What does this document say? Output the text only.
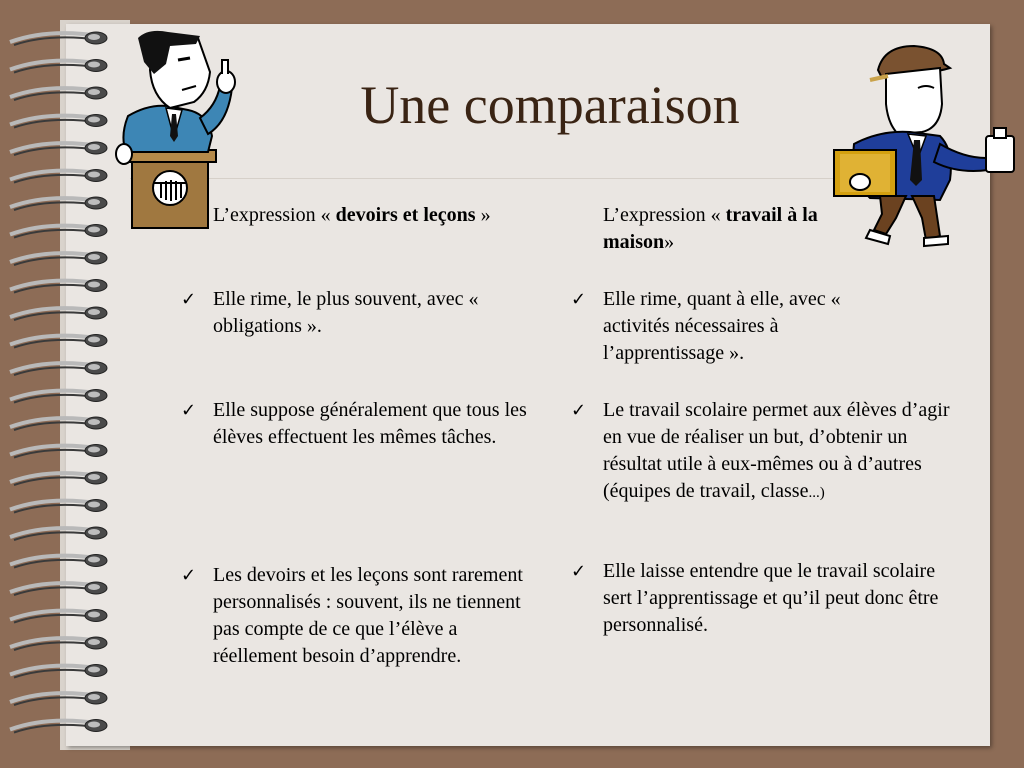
Une comparaison

L’expression « devoirs et leçons »

✓ Elle rime, le plus souvent, avec « obligations ».

✓ Elle suppose généralement que tous les élèves effectuent les mêmes tâches.

✓ Les devoirs et les leçons sont rarement personnalisés : souvent, ils ne tiennent pas compte de ce que l’élève a réellement besoin d’apprendre.

L’expression « travail à la maison»

✓ Elle rime, quant à elle, avec « activités nécessaires à l’apprentissage ».

✓ Le travail scolaire permet aux élèves d’agir en vue de réaliser un but, d’obtenir un résultat utile à eux-mêmes ou à d’autres (équipes de travail, classe...)

✓ Elle laisse entendre que le travail scolaire sert l’apprentissage et qu’il peut donc être personnalisé.
